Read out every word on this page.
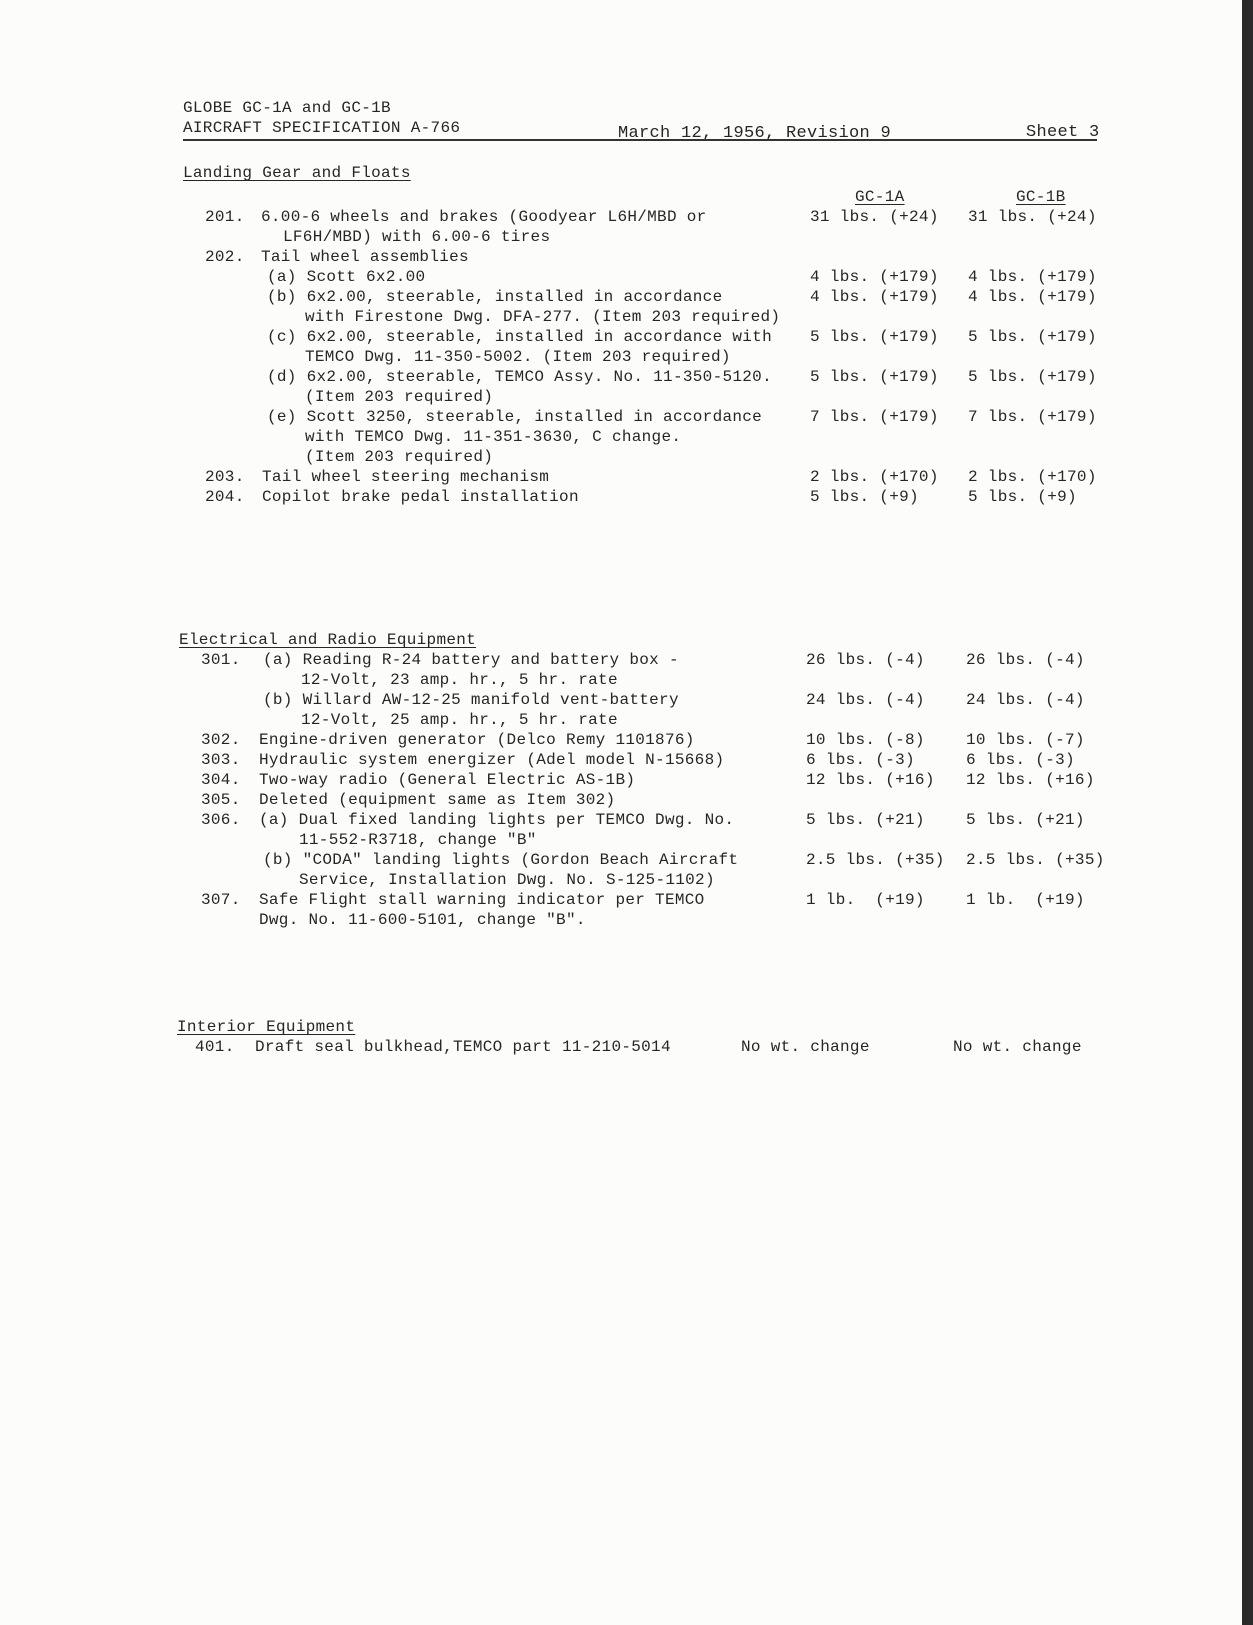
GLOBE GC-1A and GC-1B
AIRCRAFT SPECIFICATION A-766	March 12, 1956, Revision 9	Sheet 3
Landing Gear and Floats
GC-1A	GC-1B
201. 6.00-6 wheels and brakes (Goodyear L6H/MBD or	31 lbs. (+24) 31 lbs. (+24)
LF6H/MBD) with 6.00-6 tires
202. Tail wheel assemblies
(a) Scott 6x2.00	4 lbs. (+179) 4 lbs. (+179)
(b) 6x2.00, steerable, installed in accordance	4 lbs. (+179) 4 lbs. (+179)
with Firestone Dwg. DFA-277. (Item 203 required)
(c) 6x2.00, steerable, installed in accordance with 5 lbs. (+179) 5 lbs. (+179)
TEMCO Dwg. 11-350-5002. (Item 203 required)
(d) 6x2.00, steerable, TEMCO Assy. No. 11-350-5120. 5 lbs. (+179) 5 lbs. (+179)
(Item 203 required)
(e) Scott 3250, steerable, installed in accordance	7 lbs. (+179) 7 lbs. (+179)
with TEMCO Dwg. 11-351-3630, C change.
(Item 203 required)
203. Tail wheel steering mechanism	2 lbs. (+170) 2 lbs. (+170)
204. Copilot brake pedal installation	5 lbs. (+9)	5 lbs. (+9)
Electrical and Radio Equipment
301. (a) Reading R-24 battery and battery box -	26 lbs. (-4)	26 lbs. (-4)
12-Volt, 23 amp. hr., 5 hr. rate
(b) Willard AW-12-25 manifold vent-battery	24 lbs. (-4)	24 lbs. (-4)
12-Volt, 25 amp. hr., 5 hr. rate
302. Engine-driven generator (Delco Remy 1101876)	10 lbs. (-8)	10 lbs. (-7)
303. Hydraulic system energizer (Adel model N-15668)	6 lbs. (-3)	6 lbs. (-3)
304. Two-way radio (General Electric AS-1B)	12 lbs. (+16) 12 lbs. (+16)
305. Deleted (equipment same as Item 302)
306. (a) Dual fixed landing lights per TEMCO Dwg. No.	5 lbs. (+21)	5 lbs. (+21)
11-552-R3718, change "B"
(b) "CODA" landing lights (Gordon Beach Aircraft	2.5 lbs. (+35) 2.5 lbs. (+35)
Service, Installation Dwg. No. S-125-1102)
307. Safe Flight stall warning indicator per TEMCO	1 lb.  (+19)	1 lb.  (+19)
Dwg. No. 11-600-5101, change "B".
Interior Equipment
401. Draft seal bulkhead,TEMCO part 11-210-5014	No wt. change	No wt. change
